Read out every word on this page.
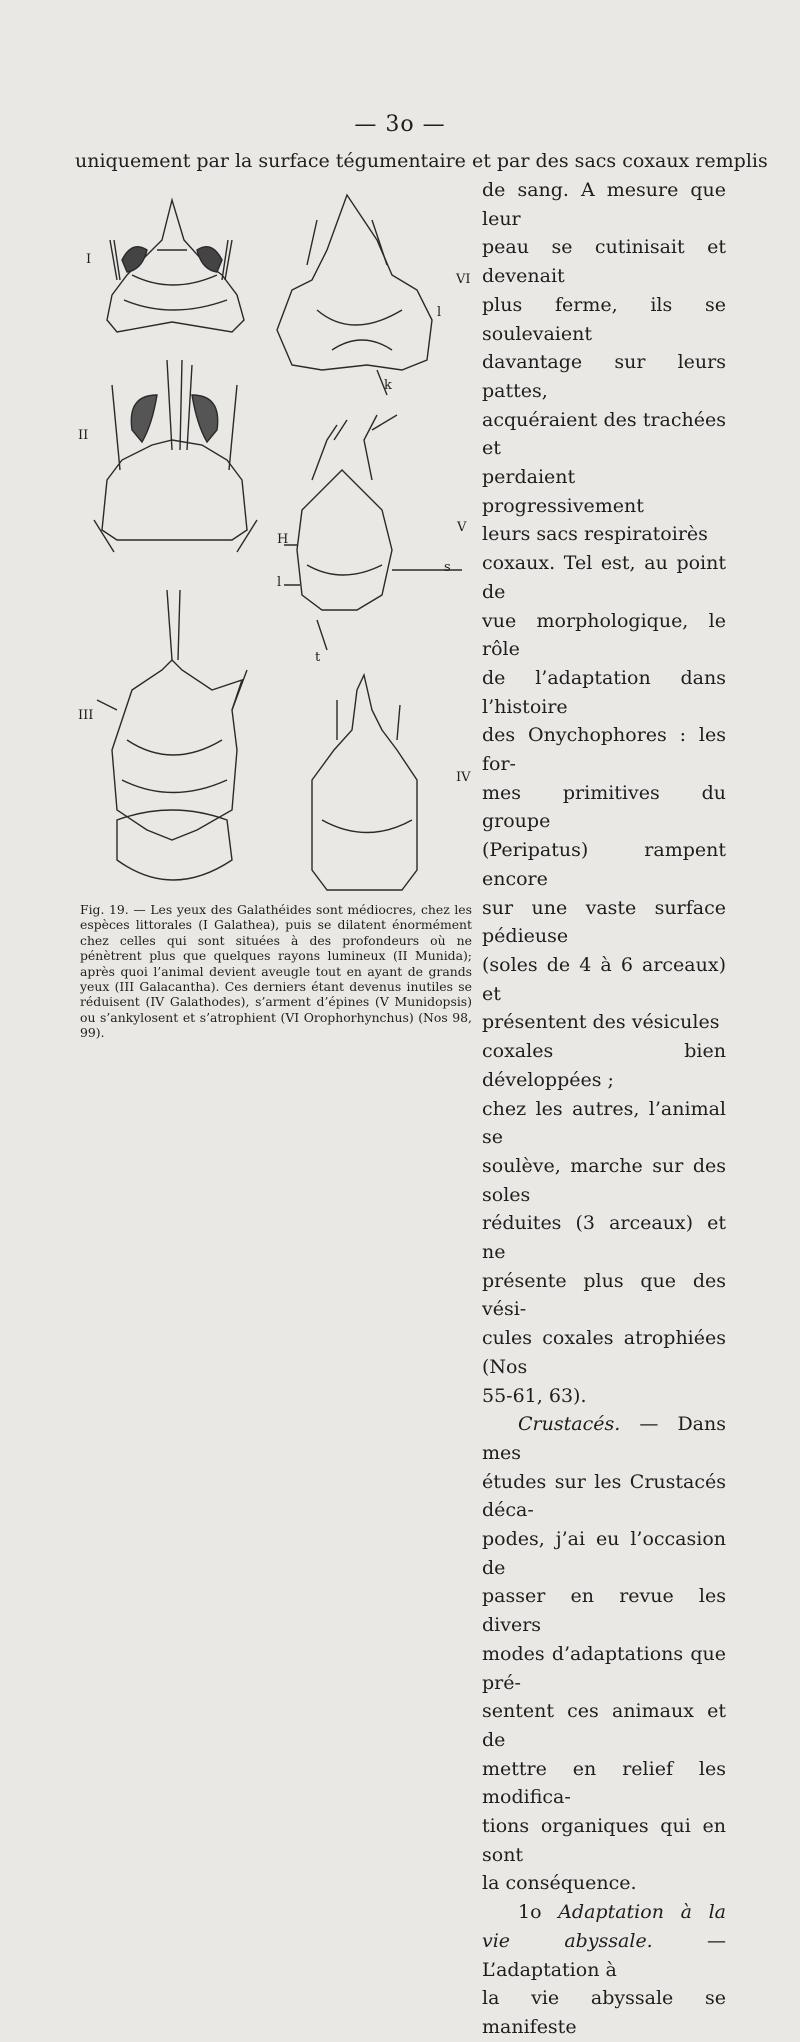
— 3o —
uniquement par la surface tégumentaire et par des sacs coxaux remplis
I
II
III
IV
V
VI
k
l
H
l
s
t

de sang. A mesure que leur

peau se cutinisait et devenait

plus ferme, ils se soulevaient

davantage sur leurs pattes,

acquéraient des trachées et

perdaient progressivement

leurs sacs respiratoirès

coxaux. Tel est, au point de

vue morphologique, le rôle

de l’adaptation dans l’histoire

des Onychophores : les for-

mes primitives du groupe

(Peripatus) rampent encore

sur une vaste surface pédieuse

(soles de 4 à 6 arceaux) et

présentent des vésicules

coxales bien développées ;

chez les autres, l’animal se

soulève, marche sur des soles

réduites (3 arceaux) et ne

présente plus que des vési-

cules coxales atrophiées (Nos

55-61, 63).

Crustacés. — Dans mes

études sur les Crustacés déca-

podes, j’ai eu l’occasion de

passer en revue les divers

modes d’adaptations que pré-

sentent ces animaux et de

mettre en relief les modifica-

tions organiques qui en sont

la conséquence.

1o Adaptation à la vie abyssale. — L’adaptation à

la vie abyssale se manifeste

Fig. 19. — Les yeux des Galathéides sont médiocres, chez les espèces littorales (I Galathea), puis se dilatent énormément chez celles qui sont situées à des profondeurs où ne pénètrent plus que quelques rayons lumineux (II Munida); après quoi l’animal devient aveugle tout en ayant de grands yeux (III Galacantha). Ces derniers étant devenus inutiles se réduisent (IV Galathodes), s’arment d’épines (V Munidopsis) ou s’ankylosent et s’atrophient (VI Orophorhynchus) (Nos 98, 99).
